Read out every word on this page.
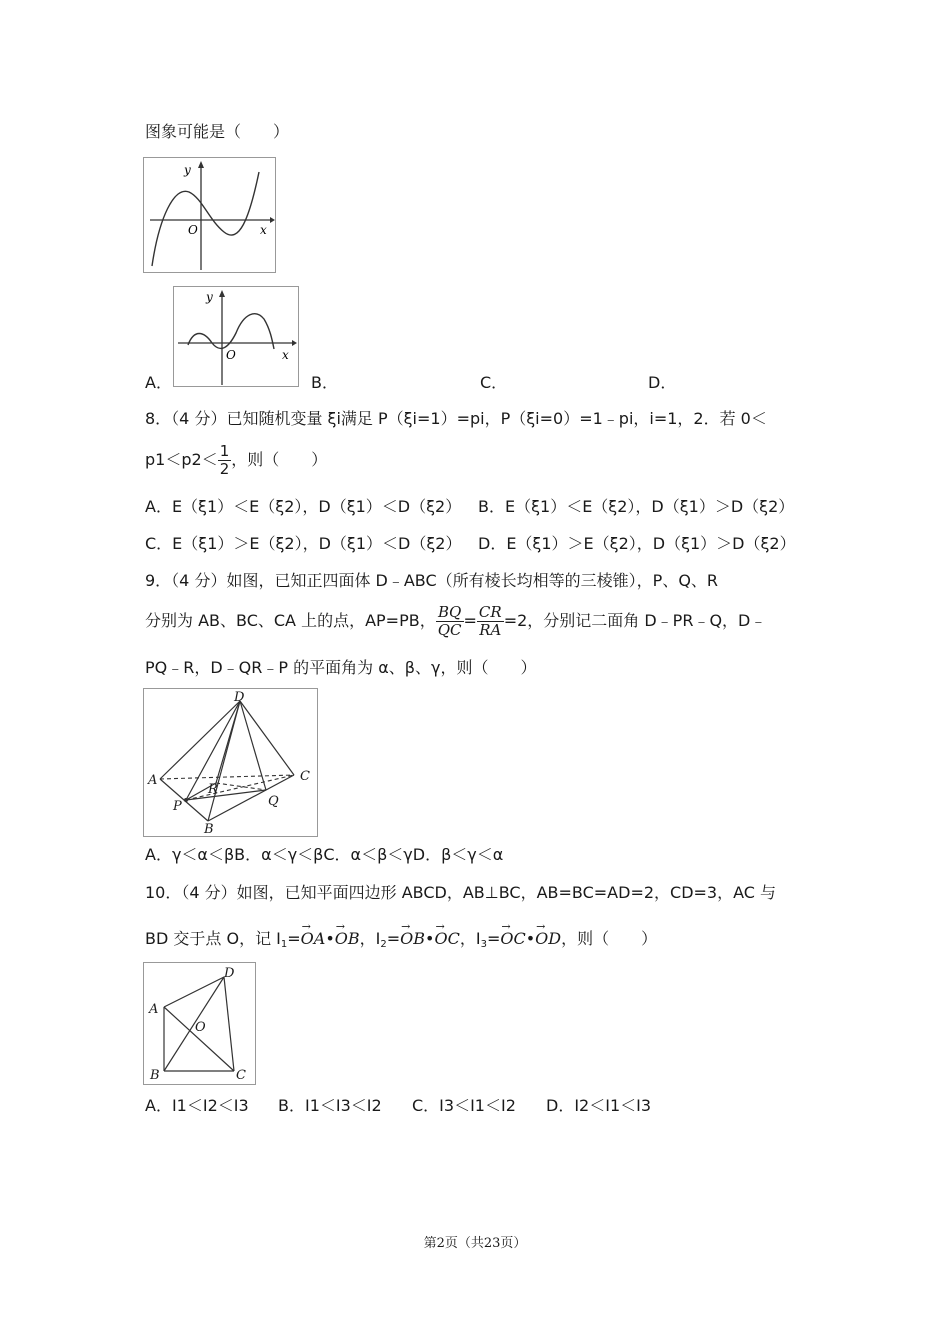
图象可能是（　　）
y
O	x
y
O	x
A．	B．	C．	D．
8．（4 分）已知随机变量 ξi满足 P（ξi=1）=pi，P（ξi=0）=1﹣pi，i=1，2．若 0＜
$p1<p2< \frac{1}{2}$ ，则（　　）
A．E（ξ1）＜E（ξ2），D（ξ1）＜D（ξ2） B．E（ξ1）＜E（ξ2），D（ξ1）＞D（ξ2）
C．E（ξ1）＞E（ξ2），D（ξ1）＜D（ξ2） D．E（ξ1）＞E（ξ2），D（ξ1）＞D（ξ2）
9．（4 分）如图，已知正四面体 D﹣ABC（所有棱长均相等的三棱锥），P、Q、R
分别为 AB、BC、CA 上的点，AP=PB， $\frac{BQ}{QC} = \frac{CR}{RA} =2$，分别记二面角 D﹣PR﹣Q，D﹣
PQ﹣R，D﹣QR﹣P 的平面角为 α、β、γ，则（　　）
D
A	C
R
P	Q
B
A．γ＜α＜βB．α＜γ＜βC．α＜β＜γD．β＜γ＜α
10．（4 分）如图，已知平面四边形 ABCD，AB⊥BC，AB=BC=AD=2，CD=3，AC 与
BD 交于点 O，记 $I_1=\to$ OA•→ OB，$I_2=\to$ OB•→ OC，$I_3=\to$ OC•→ OD，则（　　）
A
D
O
B	C
A．I1＜I2＜I3 B．I1＜I3＜I2 C．I3＜I1＜I2 D．I2＜I1＜I3
第2页（共23页）
